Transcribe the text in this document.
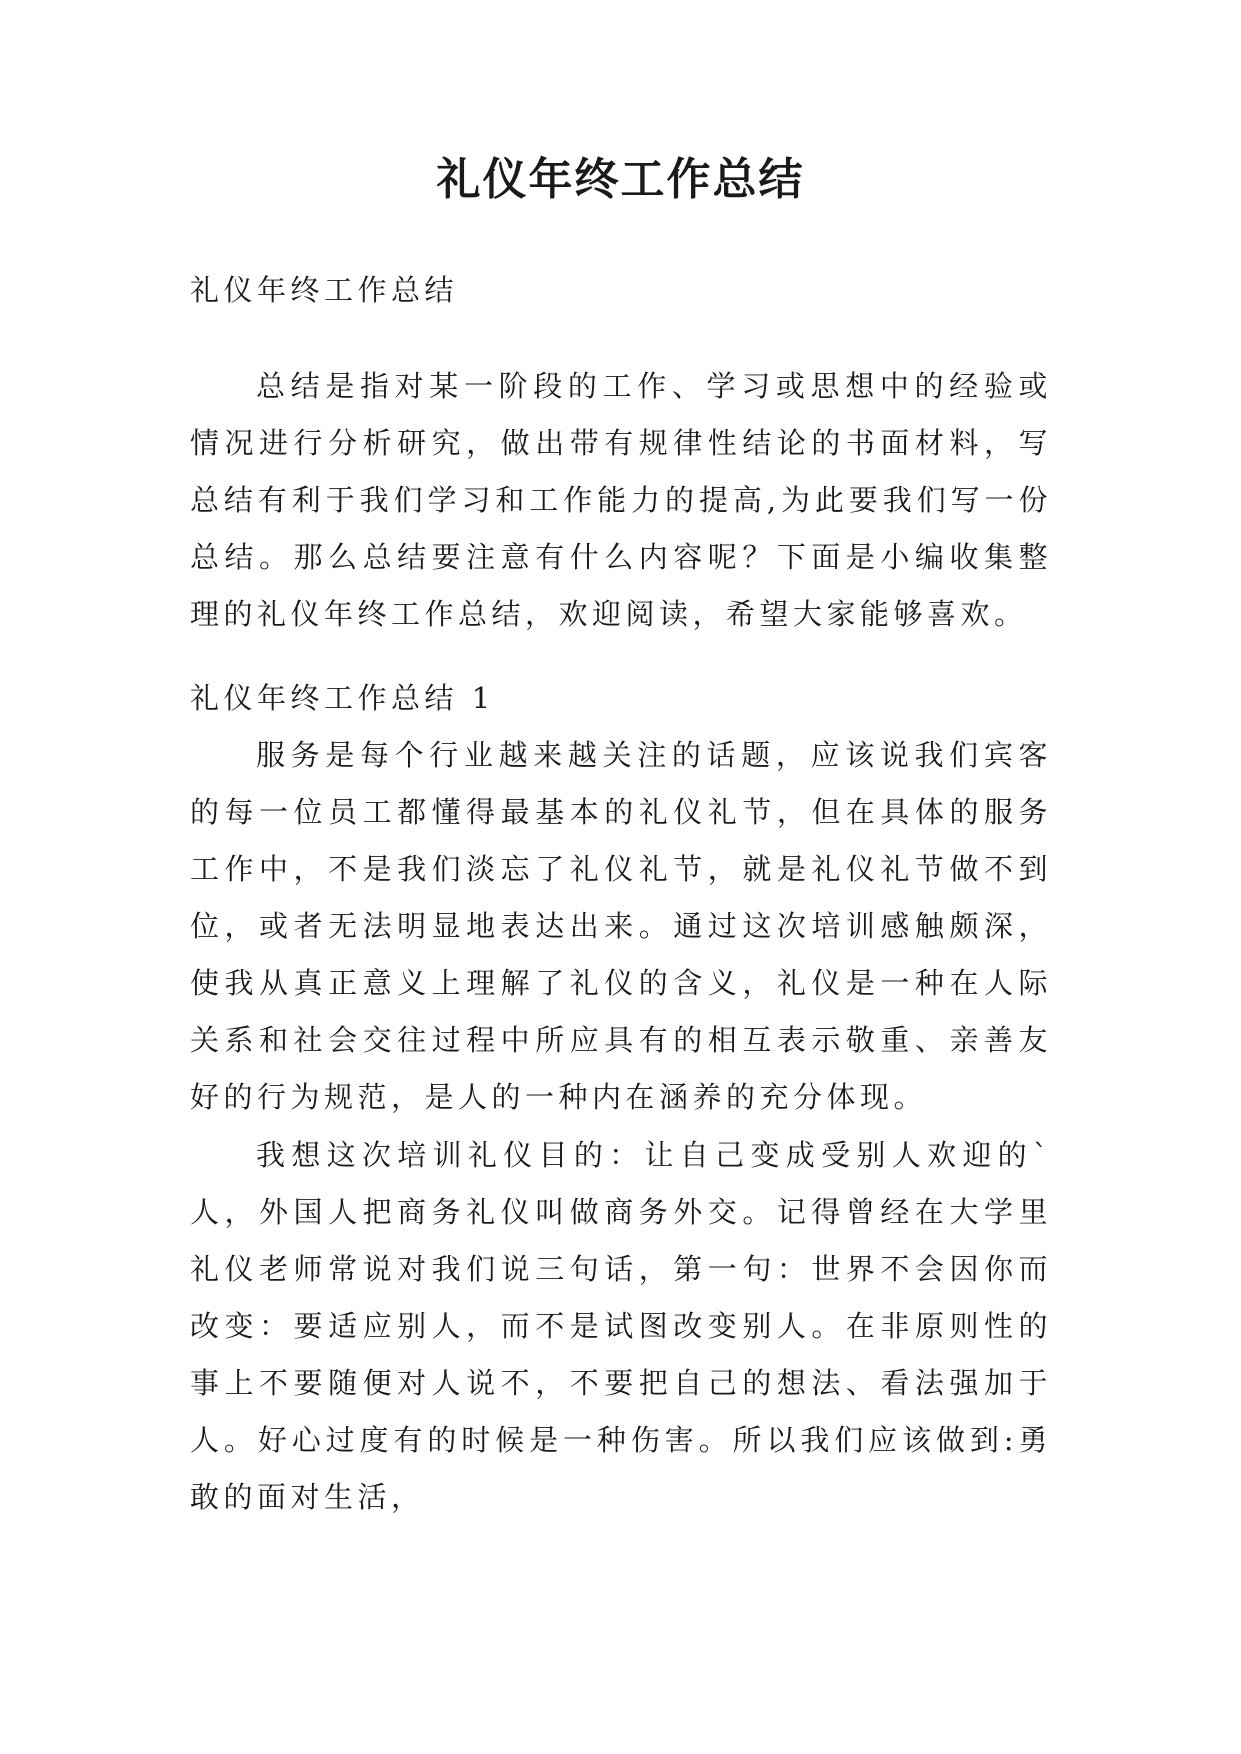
礼仪年终工作总结

礼仪年终工作总结

总结是指对某一阶段的工作、学习或思想中的经验或情况进行分析研究，做出带有规律性结论的书面材料，写总结有利于我们学习和工作能力的提高,为此要我们写一份总结。那么总结要注意有什么内容呢？下面是小编收集整理的礼仪年终工作总结，欢迎阅读，希望大家能够喜欢。

礼仪年终工作总结 1

服务是每个行业越来越关注的话题，应该说我们宾客的每一位员工都懂得最基本的礼仪礼节，但在具体的服务工作中，不是我们淡忘了礼仪礼节，就是礼仪礼节做不到位，或者无法明显地表达出来。通过这次培训感触颇深，使我从真正意义上理解了礼仪的含义，礼仪是一种在人际关系和社会交往过程中所应具有的相互表示敬重、亲善友好的行为规范，是人的一种内在涵养的充分体现。

我想这次培训礼仪目的：让自己变成受别人欢迎的`人，外国人把商务礼仪叫做商务外交。记得曾经在大学里礼仪老师常说对我们说三句话，第一句：世界不会因你而改变：要适应别人，而不是试图改变别人。在非原则性的事上不要随便对人说不，不要把自己的想法、看法强加于人。好心过度有的时候是一种伤害。所以我们应该做到:勇敢的面对生活，
